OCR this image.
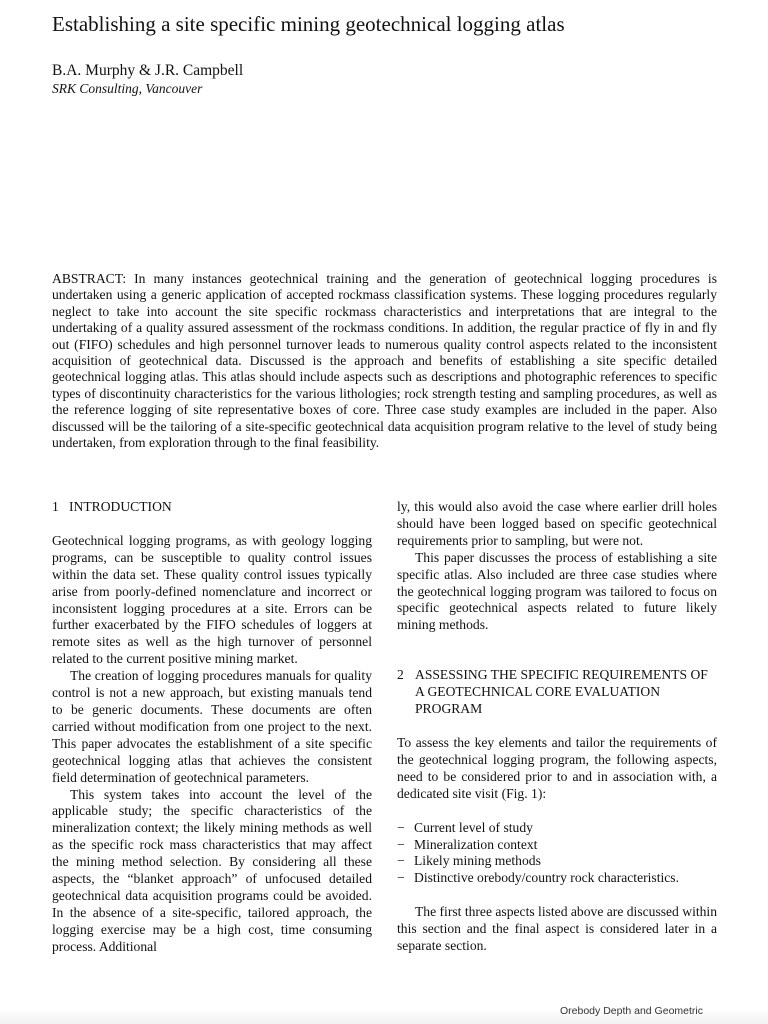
Establishing a site specific mining geotechnical logging atlas
B.A. Murphy & J.R. Campbell
SRK Consulting, Vancouver
ABSTRACT: In many instances geotechnical training and the generation of geotechnical logging procedures is undertaken using a generic application of accepted rockmass classification systems. These logging procedures regularly neglect to take into account the site specific rockmass characteristics and interpretations that are integral to the undertaking of a quality assured assessment of the rockmass conditions. In addition, the regular practice of fly in and fly out (FIFO) schedules and high personnel turnover leads to numerous quality control aspects related to the inconsistent acquisition of geotechnical data. Discussed is the approach and benefits of establishing a site specific detailed geotechnical logging atlas. This atlas should include aspects such as descriptions and photographic references to specific types of discontinuity characteristics for the various lithologies; rock strength testing and sampling procedures, as well as the reference logging of site representative boxes of core. Three case study examples are included in the paper. Also discussed will be the tailoring of a site-specific geotechnical data acquisition program relative to the level of study being undertaken, from exploration through to the final feasibility.
1 INTRODUCTION

Geotechnical logging programs, as with geology logging programs, can be susceptible to quality control issues within the data set. These quality control issues typically arise from poorly-defined nomenclature and incorrect or inconsistent logging procedures at a site. Errors can be further exacerbated by the FIFO schedules of loggers at remote sites as well as the high turnover of personnel related to the current positive mining market.

The creation of logging procedures manuals for quality control is not a new approach, but existing manuals tend to be generic documents. These documents are often carried without modification from one project to the next. This paper advocates the establishment of a site specific geotechnical logging atlas that achieves the consistent field determination of geotechnical parameters.

This system takes into account the level of the applicable study; the specific characteristics of the mineralization context; the likely mining methods as well as the specific rock mass characteristics that may affect the mining method selection. By considering all these aspects, the “blanket approach” of unfocused detailed geotechnical data acquisition programs could be avoided. In the absence of a site-specific, tailored approach, the logging exercise may be a high cost, time consuming process. Additional

ly, this would also avoid the case where earlier drill holes should have been logged based on specific geotechnical requirements prior to sampling, but were not.

This paper discusses the process of establishing a site specific atlas. Also included are three case studies where the geotechnical logging program was tailored to focus on specific geotechnical aspects related to future likely mining methods.

2 ASSESSING THE SPECIFIC REQUIREMENTS OF A GEOTECHNICAL CORE EVALUATION PROGRAM

To assess the key elements and tailor the requirements of the geotechnical logging program, the following aspects, need to be considered prior to and in association with, a dedicated site visit (Fig. 1):

− Current level of study
− Mineralization context
− Likely mining methods
− Distinctive orebody/country rock characteristics.

The first three aspects listed above are discussed within this section and the final aspect is considered later in a separate section.

Orebody Depth and Geometric
